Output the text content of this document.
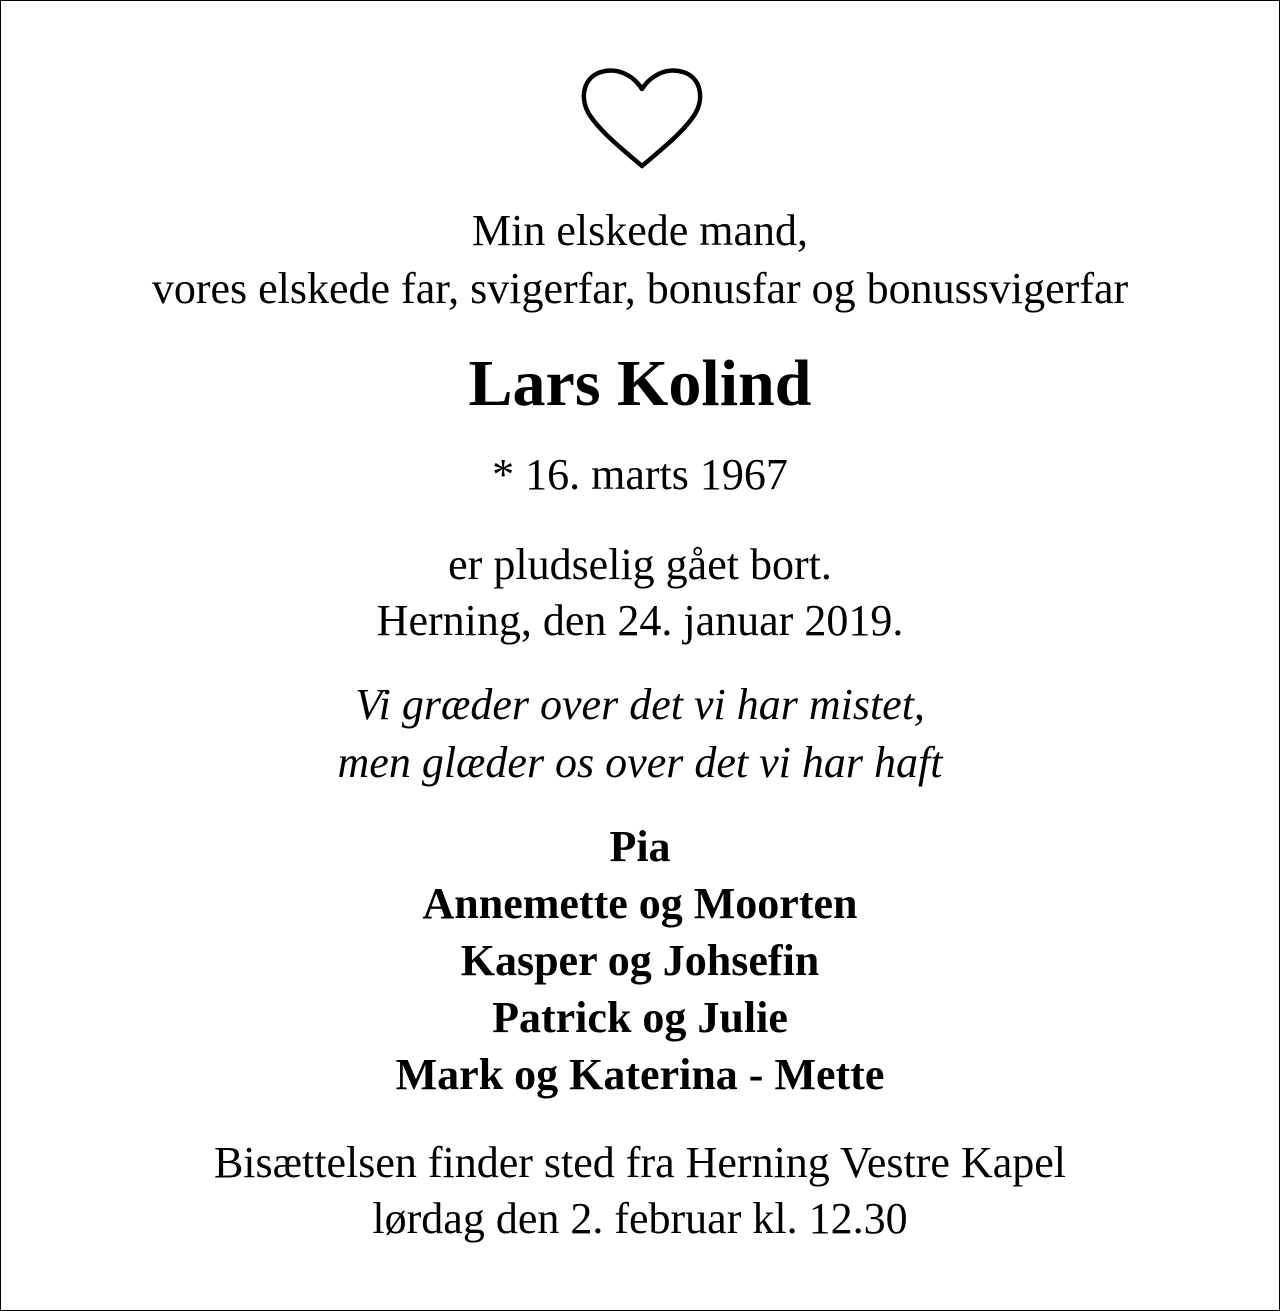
Min elskede mand,
vores elskede far, svigerfar, bonusfar og bonussvigerfar
Lars Kolind
* 16. marts 1967
er pludselig gået bort.
Herning, den 24. januar 2019.
Vi græder over det vi har mistet,
men glæder os over det vi har haft
Pia
Annemette og Moorten
Kasper og Johsefin
Patrick og Julie
Mark og Katerina - Mette
Bisættelsen finder sted fra Herning Vestre Kapel
lørdag den 2. februar kl. 12.30
